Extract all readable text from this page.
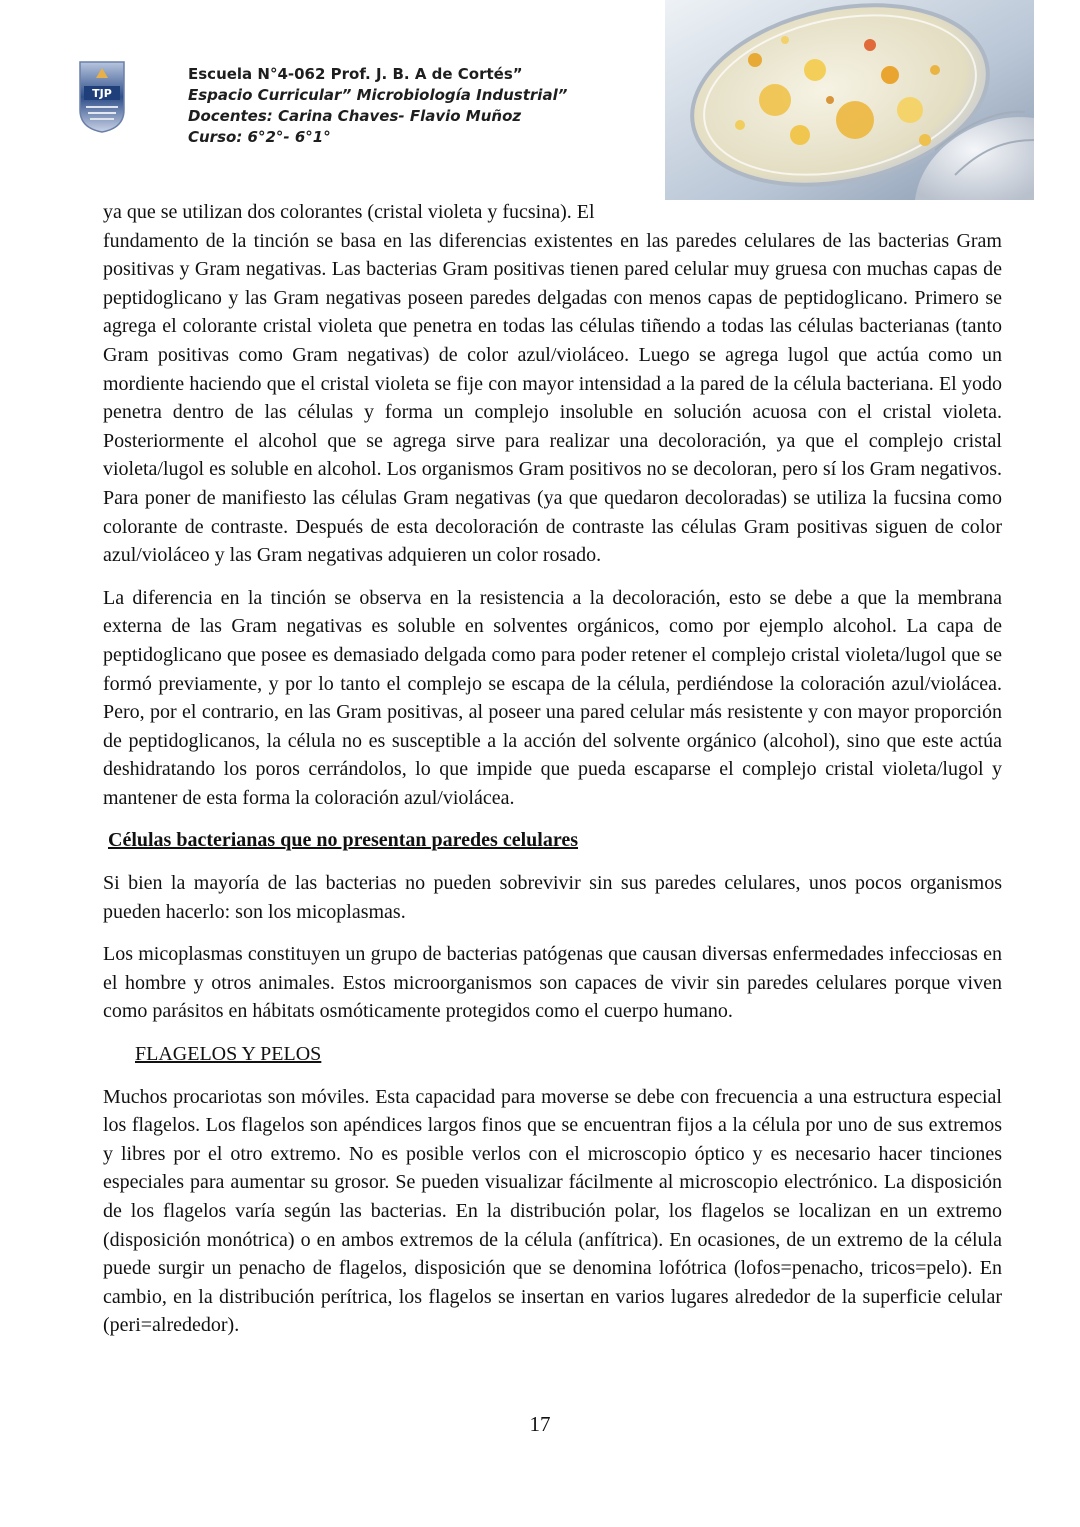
TJP
Escuela N°4-062 Prof. J. B. A de Cortés”
Espacio Curricular” Microbiología Industrial”
Docentes: Carina Chaves- Flavio Muñoz
Curso: 6°2°- 6°1°

ya que se utilizan dos colorantes (cristal violeta y fucsina). El
fundamento de la tinción se basa en las diferencias existentes en las paredes celulares de las bacterias Gram positivas y Gram negativas. Las bacterias Gram positivas tienen pared celular muy gruesa con muchas capas de peptidoglicano y las Gram negativas poseen paredes delgadas con menos capas de peptidoglicano. Primero se agrega el colorante cristal violeta que penetra en todas las células tiñendo a todas las células bacterianas (tanto Gram positivas como Gram negativas) de color azul/violáceo. Luego se agrega lugol que actúa como un mordiente haciendo que el cristal violeta se fije con mayor intensidad a la pared de la célula bacteriana. El yodo penetra dentro de las células y forma un complejo insoluble en solución acuosa con el cristal violeta. Posteriormente el alcohol que se agrega sirve para realizar una decoloración, ya que el complejo cristal violeta/lugol es soluble en alcohol. Los organismos Gram positivos no se decoloran, pero sí los Gram negativos. Para poner de manifiesto las células Gram negativas (ya que quedaron decoloradas) se utiliza la fucsina como colorante de contraste. Después de esta decoloración de contraste las células Gram positivas siguen de color azul/violáceo y las Gram negativas adquieren un color rosado.

La diferencia en la tinción se observa en la resistencia a la decoloración, esto se debe a que la membrana externa de las Gram negativas es soluble en solventes orgánicos, como por ejemplo alcohol. La capa de peptidoglicano que posee es demasiado delgada como para poder retener el complejo cristal violeta/lugol que se formó previamente, y por lo tanto el complejo se escapa de la célula, perdiéndose la coloración azul/violácea. Pero, por el contrario, en las Gram positivas, al poseer una pared celular más resistente y con mayor proporción de peptidoglicanos, la célula no es susceptible a la acción del solvente orgánico (alcohol), sino que este actúa deshidratando los poros cerrándolos, lo que impide que pueda escaparse el complejo cristal violeta/lugol y mantener de esta forma la coloración azul/violácea.

Células bacterianas que no presentan paredes celulares

Si bien la mayoría de las bacterias no pueden sobrevivir sin sus paredes celulares, unos pocos organismos pueden hacerlo: son los micoplasmas.

Los micoplasmas constituyen un grupo de bacterias patógenas que causan diversas enfermedades infecciosas en el hombre y otros animales. Estos microorganismos son capaces de vivir sin paredes celulares porque viven como parásitos en hábitats osmóticamente protegidos como el cuerpo humano.

FLAGELOS Y PELOS

Muchos procariotas son móviles. Esta capacidad para moverse se debe con frecuencia a una estructura especial los flagelos. Los flagelos son apéndices largos finos que se encuentran fijos a la célula por uno de sus extremos y libres por el otro extremo. No es posible verlos con el microscopio óptico y es necesario hacer tinciones especiales para aumentar su grosor. Se pueden visualizar fácilmente al microscopio electrónico. La disposición de los flagelos varía según las bacterias. En la distribución polar, los flagelos se localizan en un extremo (disposición monótrica) o en ambos extremos de la célula (anfítrica). En ocasiones, de un extremo de la célula puede surgir un penacho de flagelos, disposición que se denomina lofótrica (lofos=penacho, tricos=pelo). En cambio, en la distribución perítrica, los flagelos se insertan en varios lugares alrededor de la superficie celular (peri=alrededor).

17
